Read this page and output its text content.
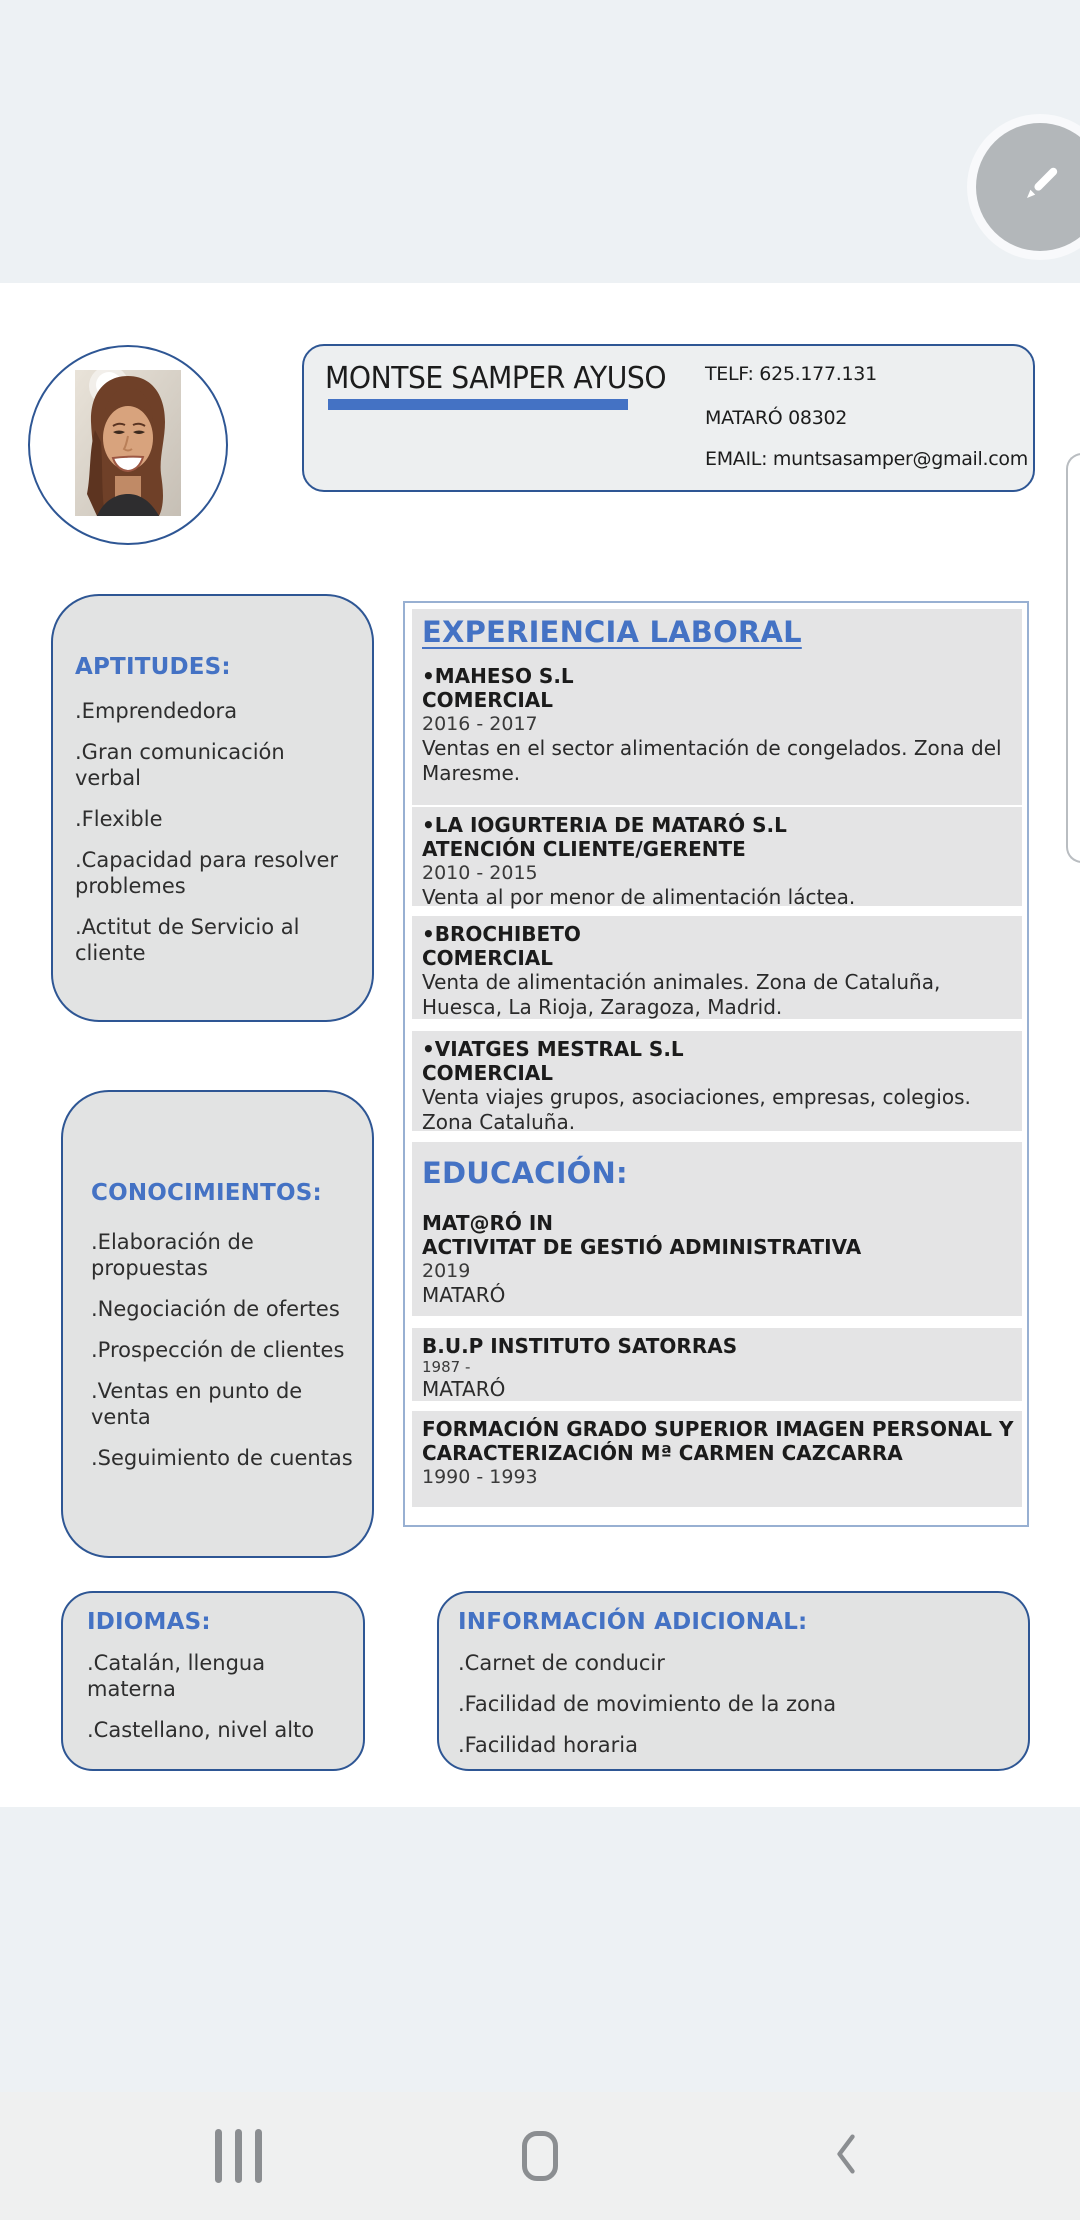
MONTSE SAMPER AYUSO	TELF: 625.177.131
MATARÓ 08302
EMAIL: muntsasamper@gmail.com
APTITUDES:
.Emprendedora
.Gran comunicación verbal
.Flexible
.Capacidad para resolver problemes
.Actitut de Servicio al cliente
EXPERIENCIA LABORAL
•MAHESO S.L
COMERCIAL
2016 - 2017
Ventas en el sector alimentación de congelados. Zona del Maresme.
•LA IOGURTERIA DE MATARÓ S.L
ATENCIÓN CLIENTE/GERENTE
2010 - 2015
Venta al por menor de alimentación láctea.
•BROCHIBETO
COMERCIAL
Venta de alimentación animales. Zona de Cataluña, Huesca, La Rioja, Zaragoza, Madrid.
•VIATGES MESTRAL S.L
COMERCIAL
Venta viajes grupos, asociaciones, empresas, colegios. Zona Cataluña.
EDUCACIÓN:
MAT@RÓ IN
ACTIVITAT DE GESTIÓ ADMINISTRATIVA
2019
MATARÓ
B.U.P INSTITUTO SATORRAS
1987 -
MATARÓ
FORMACIÓN GRADO SUPERIOR IMAGEN PERSONAL Y CARACTERIZACIÓN Mª CARMEN CAZCARRA
1990 - 1993
CONOCIMIENTOS:
.Elaboración de propuestas
.Negociación de ofertes
.Prospección de clientes
.Ventas en punto de venta
.Seguimiento de cuentas
IDIOMAS:
.Catalán, llengua materna
.Castellano, nivel alto
INFORMACIÓN ADICIONAL:
.Carnet de conducir
.Facilidad de movimiento de la zona
.Facilidad horaria
